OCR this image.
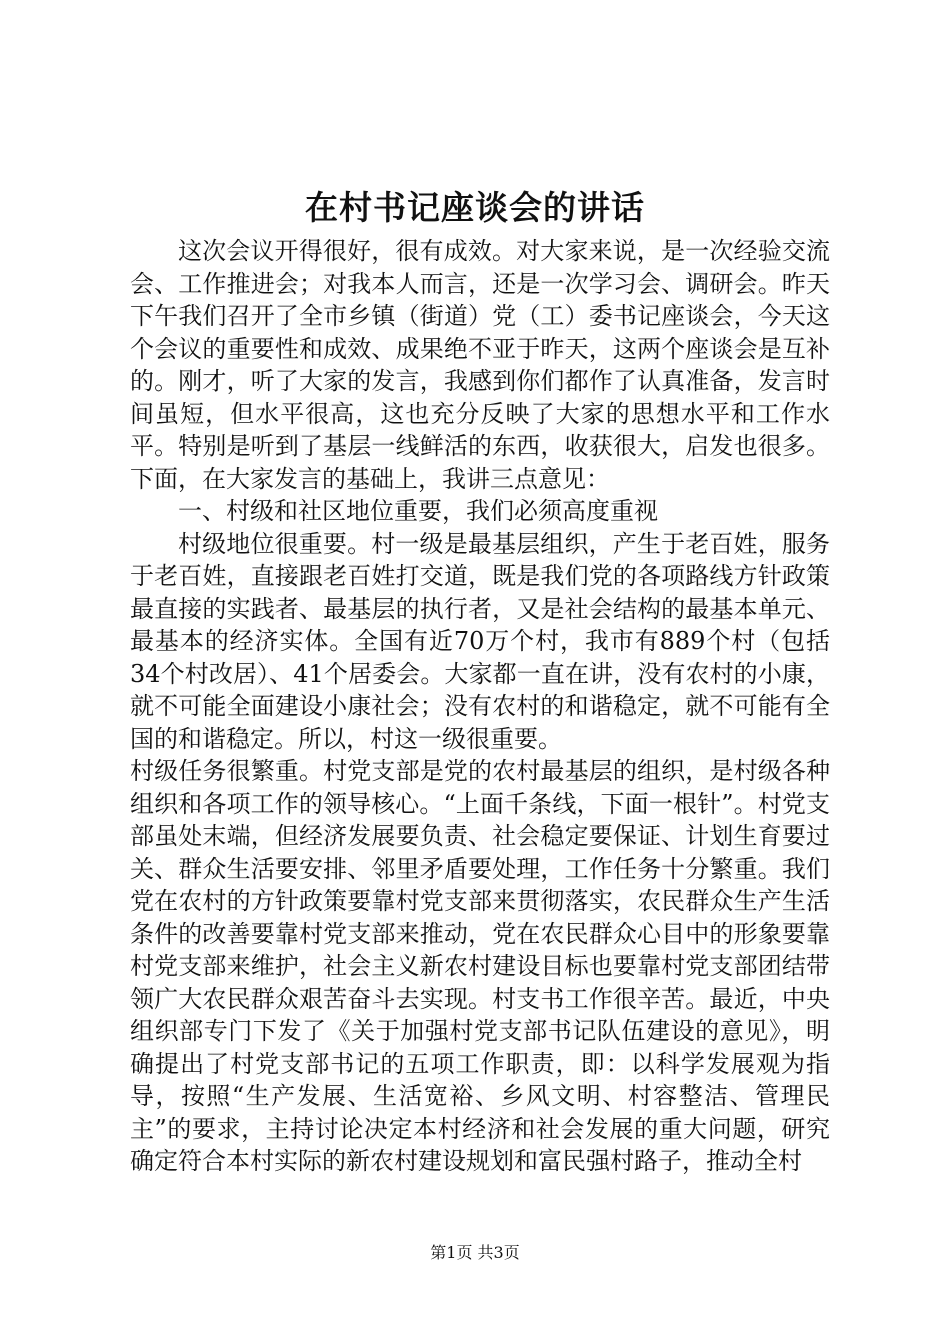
在村书记座谈会的讲话

这次会议开得很好，很有成效。对大家来说，是一次经验交流会、工作推进会；对我本人而言，还是一次学习会、调研会。昨天下午我们召开了全市乡镇（街道）党（工）委书记座谈会，今天这个会议的重要性和成效、成果绝不亚于昨天，这两个座谈会是互补的。刚才，听了大家的发言，我感到你们都作了认真准备，发言时间虽短，但水平很高，这也充分反映了大家的思想水平和工作水平。特别是听到了基层一线鲜活的东西，收获很大，启发也很多。下面，在大家发言的基础上，我讲三点意见：

一、村级和社区地位重要，我们必须高度重视

村级地位很重要。村一级是最基层组织，产生于老百姓，服务于老百姓，直接跟老百姓打交道，既是我们党的各项路线方针政策最直接的实践者、最基层的执行者，又是社会结构的最基本单元、最基本的经济实体。全国有近70万个村，我市有889个村（包括34个村改居）、41个居委会。大家都一直在讲，没有农村的小康，就不可能全面建设小康社会；没有农村的和谐稳定，就不可能有全国的和谐稳定。所以，村这一级很重要。

村级任务很繁重。村党支部是党的农村最基层的组织，是村级各种组织和各项工作的领导核心。“上面千条线，下面一根针”。村党支部虽处末端，但经济发展要负责、社会稳定要保证、计划生育要过关、群众生活要安排、邻里矛盾要处理，工作任务十分繁重。我们党在农村的方针政策要靠村党支部来贯彻落实，农民群众生产生活条件的改善要靠村党支部来推动，党在农民群众心目中的形象要靠村党支部来维护，社会主义新农村建设目标也要靠村党支部团结带领广大农民群众艰苦奋斗去实现。村支书工作很辛苦。最近，中央组织部专门下发了《关于加强村党支部书记队伍建设的意见》，明确提出了村党支部书记的五项工作职责，即：以科学发展观为指导，按照“生产发展、生活宽裕、乡风文明、村容整洁、管理民主”的要求，主持讨论决定本村经济和社会发展的重大问题，研究确定符合本村实际的新农村建设规划和富民强村路子，推动全村

第1页 共3页
